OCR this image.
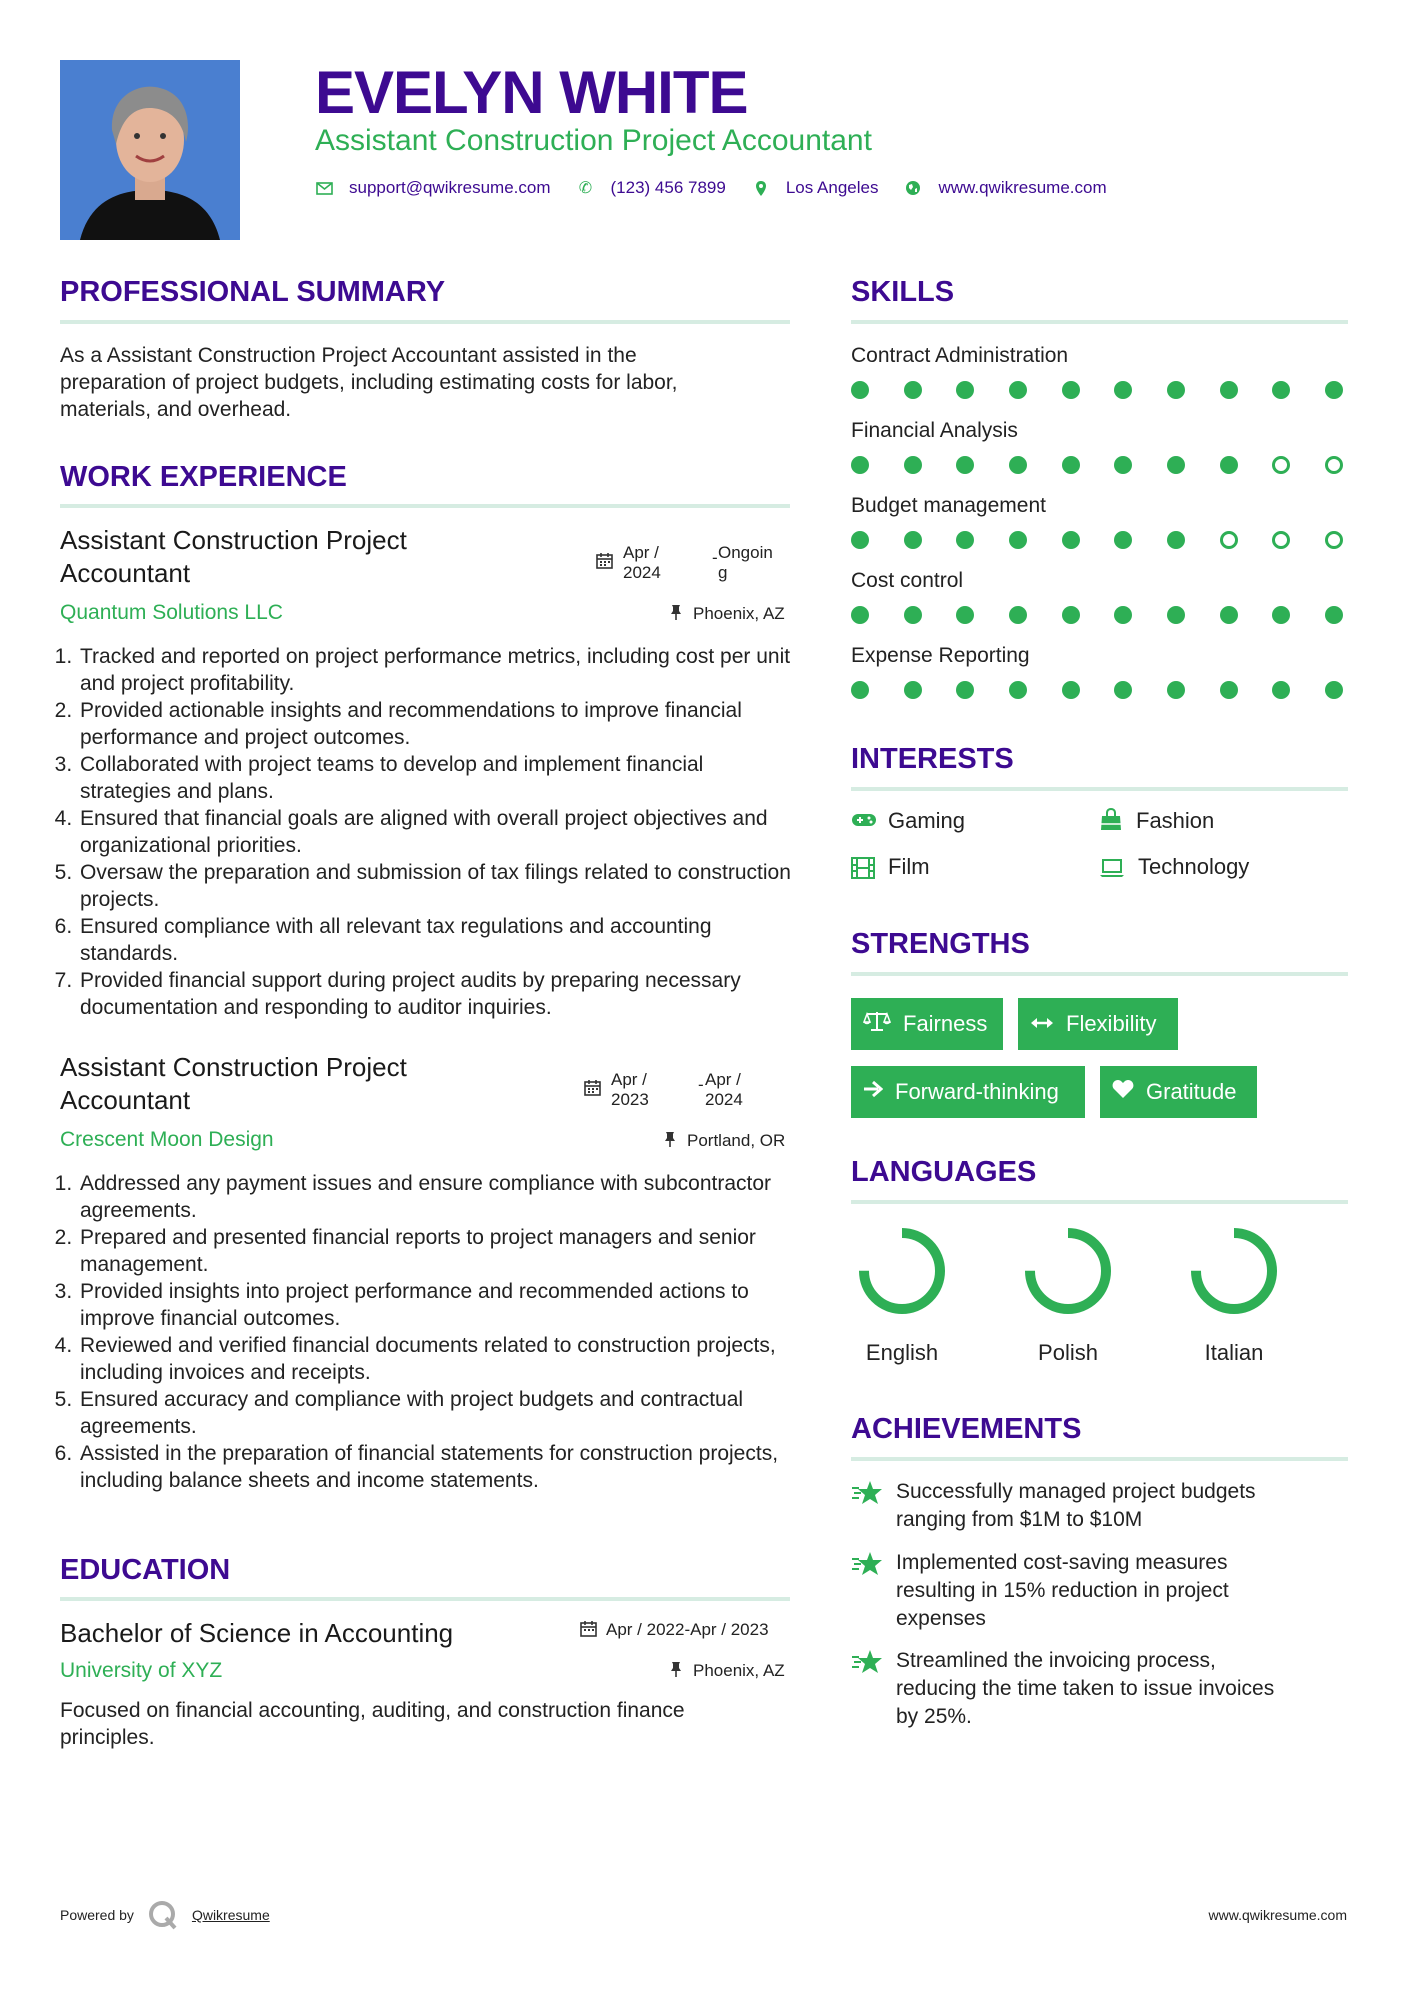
EVELYN WHITE
Assistant Construction Project Accountant
support@qwikresume.com ✆ (123) 456 7899	Los Angeles	www.qwikresume.com
PROFESSIONAL SUMMARY
As a Assistant Construction Project Accountant assisted in the
preparation of project budgets, including estimating costs for labor,
materials, and overhead.
WORK EXPERIENCE
Assistant Construction Project
Accountant
Apr /
2024
- Ongoin
g
Quantum Solutions LLC	Phoenix, AZ
1. Tracked and reported on project performance metrics, including cost per unit and project profitability.
2. Provided actionable insights and recommendations to improve financial performance and project outcomes.
3. Collaborated with project teams to develop and implement financial strategies and plans.
4. Ensured that financial goals are aligned with overall project objectives and organizational priorities.
5. Oversaw the preparation and submission of tax filings related to construction projects.
6. Ensured compliance with all relevant tax regulations and accounting standards.
7. Provided financial support during project audits by preparing necessary documentation and responding to auditor inquiries.
Assistant Construction Project
Accountant
Apr /
2023
- Apr /
2024
Crescent Moon Design	Portland, OR
1. Addressed any payment issues and ensure compliance with subcontractor agreements.
2. Prepared and presented financial reports to project managers and senior management.
3. Provided insights into project performance and recommended actions to improve financial outcomes.
4. Reviewed and verified financial documents related to construction projects, including invoices and receipts.
5. Ensured accuracy and compliance with project budgets and contractual agreements.
6. Assisted in the preparation of financial statements for construction projects, including balance sheets and income statements.
EDUCATION
Bachelor of Science in Accounting	Apr / 2022-Apr / 2023
University of XYZ	Phoenix, AZ
Focused on financial accounting, auditing, and construction finance
principles.
SKILLS
Contract Administration
Financial Analysis
Budget management
Cost control
Expense Reporting
INTERESTS
Gaming	Fashion
Film	Technology
STRENGTHS
Fairness	Flexibility
Forward-thinking	Gratitude
LANGUAGES
English	Polish	Italian
ACHIEVEMENTS
Successfully managed project budgets
ranging from $1M to $10M
Implemented cost-saving measures
resulting in 15% reduction in project
expenses
Streamlined the invoicing process,
reducing the time taken to issue invoices
by 25%.
Powered by	Qwikresume	www.qwikresume.com
